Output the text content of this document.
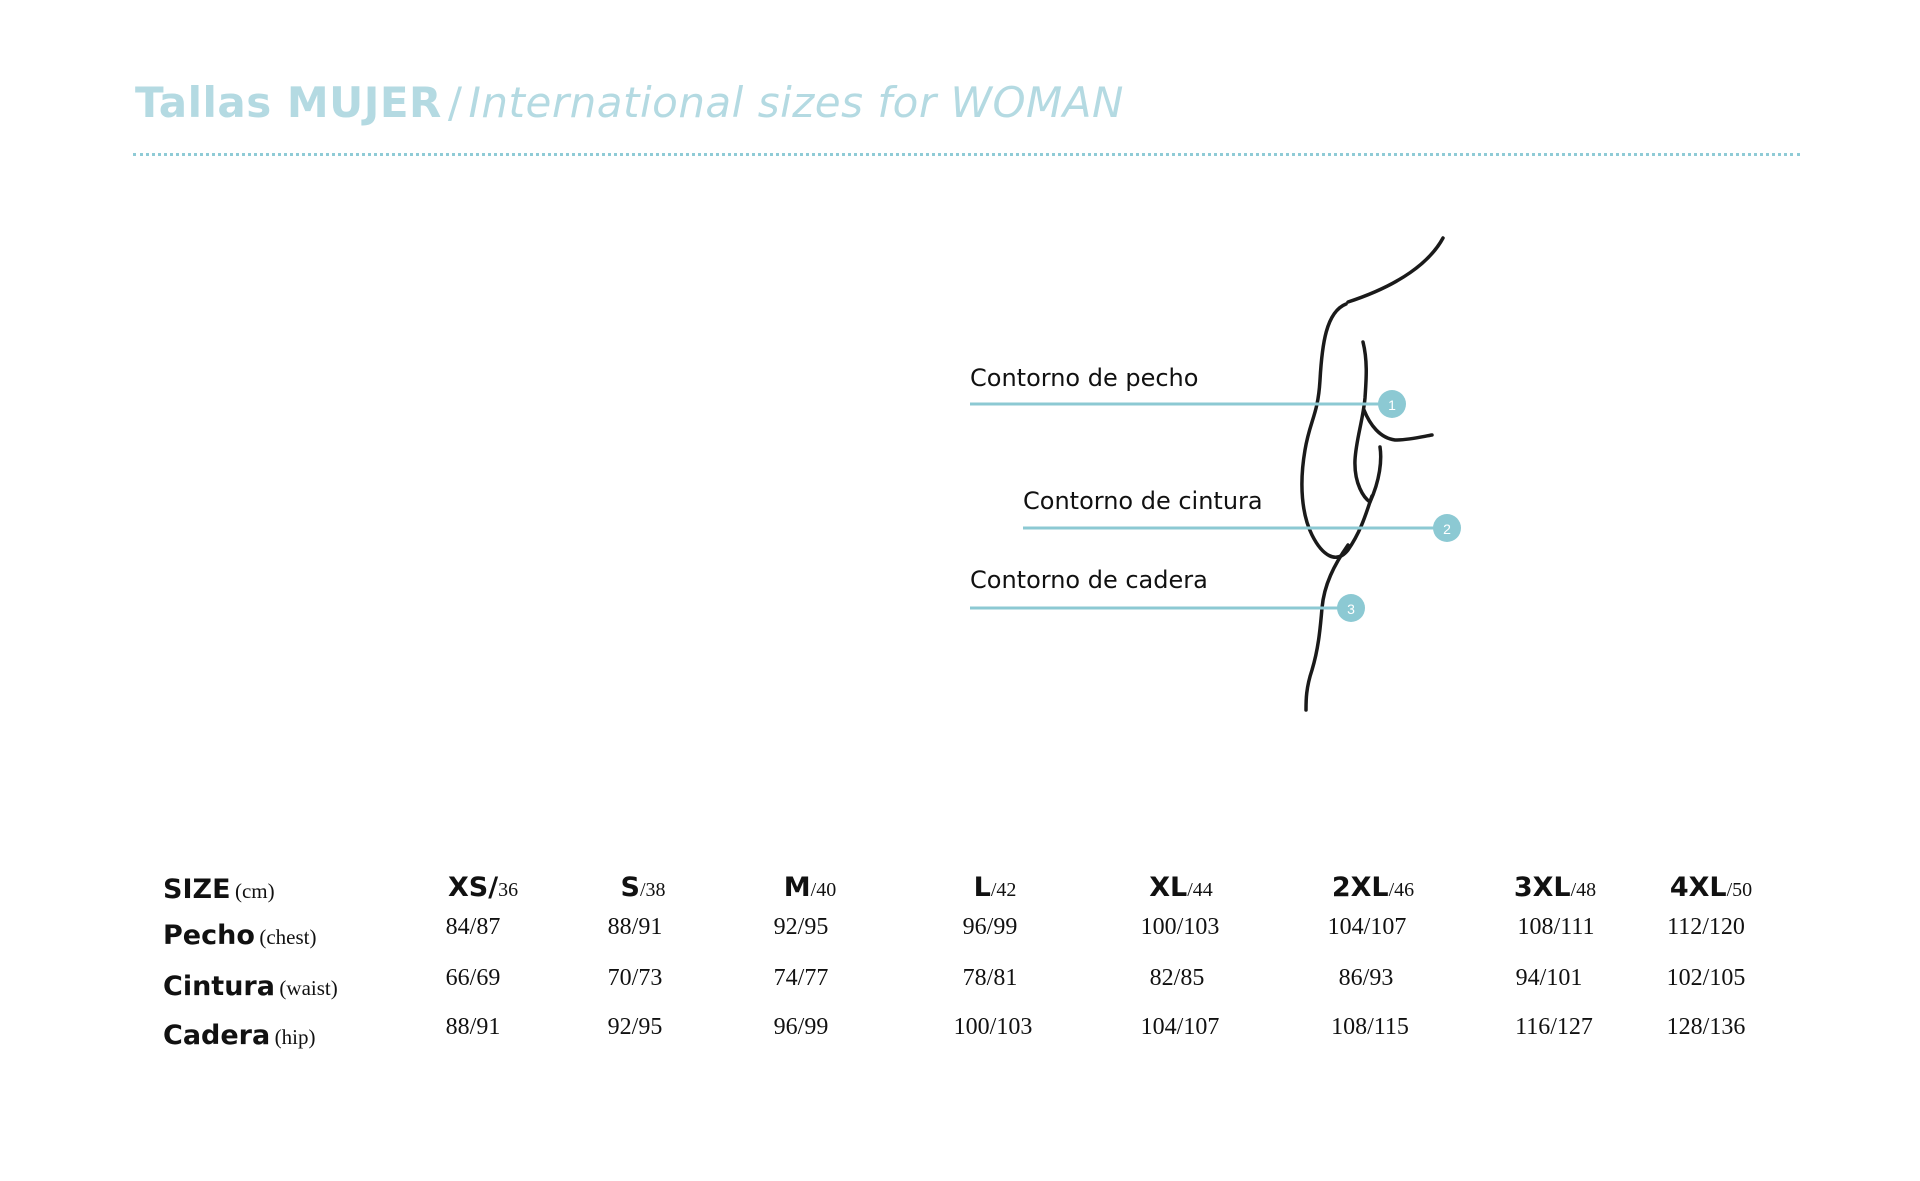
Tallas MUJER / International sizes for WOMAN
1
2
3
Contorno de pecho
Contorno de cintura
Contorno de cadera
SIZE (cm)	XS/36	S/38	M/40	L/42	XL/44	2XL/46	3XL/48	4XL/50
Pecho (chest)	84/87	88/91	92/95	96/99	100/103	104/107	108/111	112/120
Cintura (waist)	66/69	70/73	74/77	78/81	82/85	86/93	94/101	102/105
Cadera (hip)	88/91	92/95	96/99	100/103	104/107	108/115	116/127	128/136
